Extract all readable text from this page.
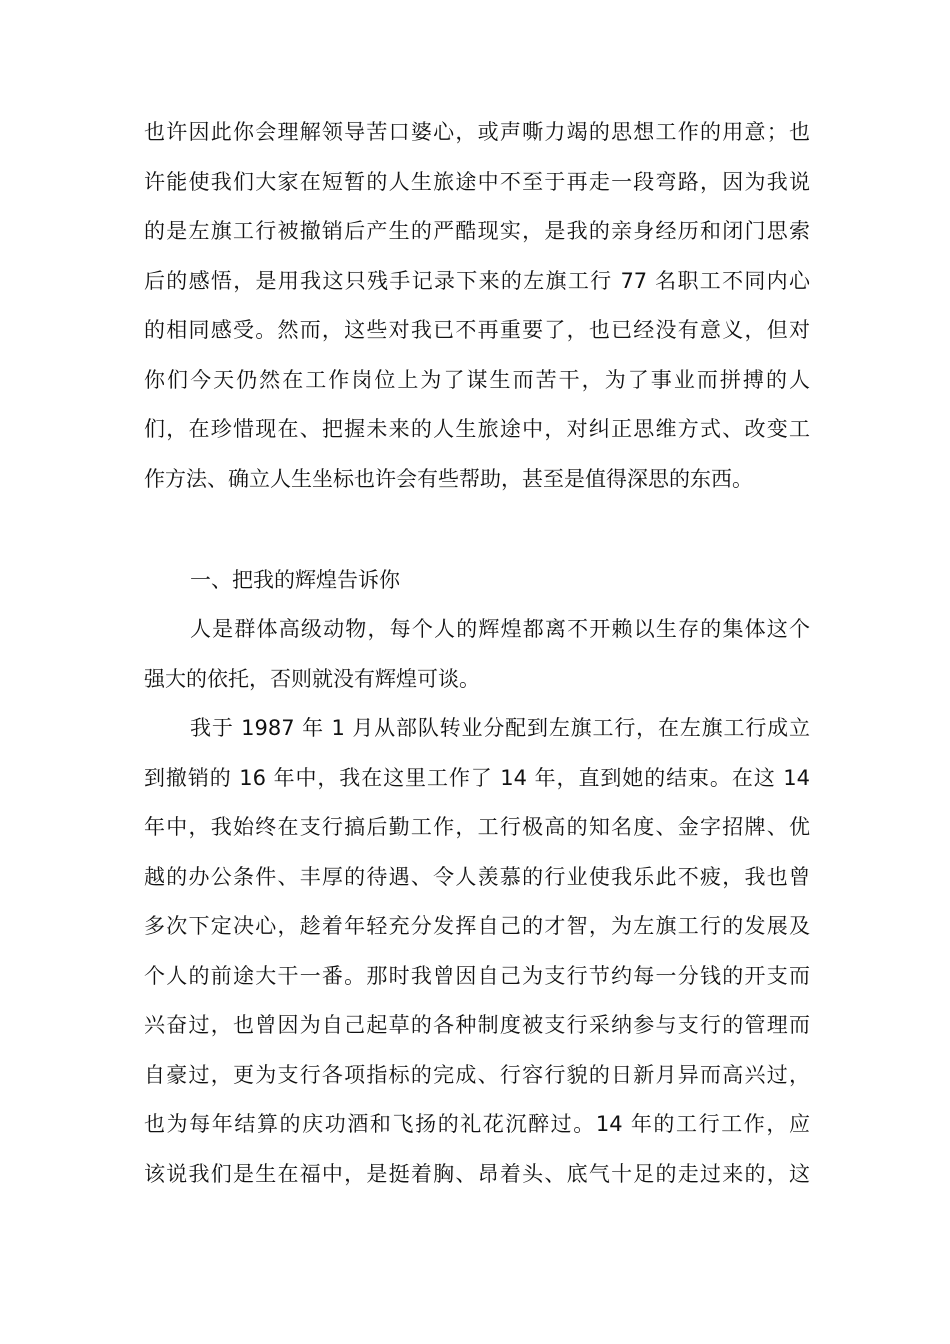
也许因此你会理解领导苦口婆心，或声嘶力竭的思想工作的用意；也
许能使我们大家在短暂的人生旅途中不至于再走一段弯路，因为我说
的是左旗工行被撤销后产生的严酷现实，是我的亲身经历和闭门思索
后的感悟，是用我这只残手记录下来的左旗工行 77 名职工不同内心
的相同感受。然而，这些对我已不再重要了，也已经没有意义，但对
你们今天仍然在工作岗位上为了谋生而苦干，为了事业而拼搏的人
们，在珍惜现在、把握未来的人生旅途中，对纠正思维方式、改变工
作方法、确立人生坐标也许会有些帮助，甚至是值得深思的东西。
一、把我的辉煌告诉你
人是群体高级动物，每个人的辉煌都离不开赖以生存的集体这个
强大的依托，否则就没有辉煌可谈。
我于 1987 年 1 月从部队转业分配到左旗工行，在左旗工行成立
到撤销的 16 年中，我在这里工作了 14 年，直到她的结束。在这 14
年中，我始终在支行搞后勤工作，工行极高的知名度、金字招牌、优
越的办公条件、丰厚的待遇、令人羡慕的行业使我乐此不疲，我也曾
多次下定决心，趁着年轻充分发挥自己的才智，为左旗工行的发展及
个人的前途大干一番。那时我曾因自己为支行节约每一分钱的开支而
兴奋过，也曾因为自己起草的各种制度被支行采纳参与支行的管理而
自豪过，更为支行各项指标的完成、行容行貌的日新月异而高兴过，
也为每年结算的庆功酒和飞扬的礼花沉醉过。14 年的工行工作，应
该说我们是生在福中，是挺着胸、昂着头、底气十足的走过来的，这
